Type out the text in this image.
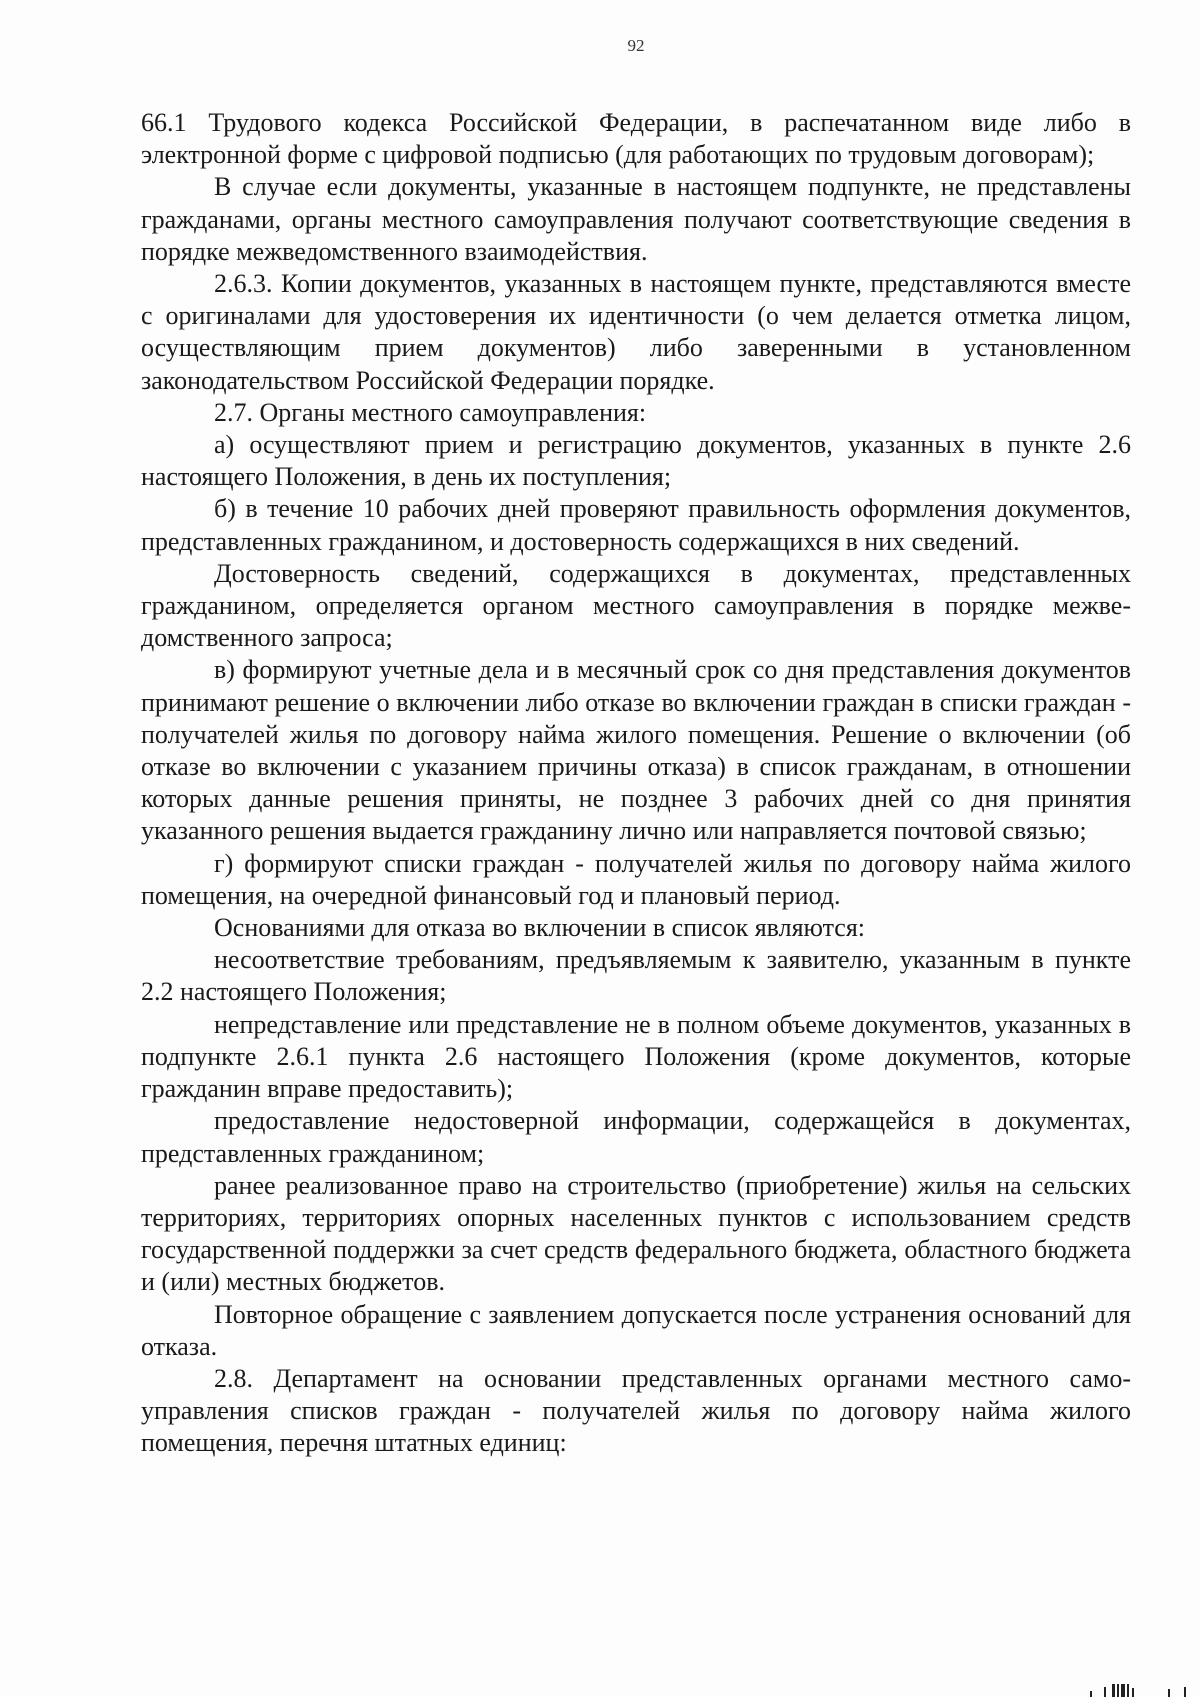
92

66.1 Трудового кодекса Российской Федерации, в распечатанном виде либо в электронной форме с цифровой подписью (для работающих по трудовым договорам);

В случае если документы, указанные в настоящем подпункте, не представлены гражданами, органы местного самоуправления получают соответствующие сведения в порядке межведомственного взаимодействия.

2.6.3. Копии документов, указанных в настоящем пункте, представляются вместе с оригиналами для удостоверения их идентичности (о чем делается отметка лицом, осуществляющим прием документов) либо заверенными в установленном законодательством Российской Федерации порядке.

2.7. Органы местного самоуправления:

а) осуществляют прием и регистрацию документов, указанных в пункте 2.6 настоящего Положения, в день их поступления;

б) в течение 10 рабочих дней проверяют правильность оформления документов, представленных гражданином, и достоверность содержащихся в них сведений.

Достоверность сведений, содержащихся в документах, представленных гражданином, определяется органом местного самоуправления в порядке межведомственного запроса;

в) формируют учетные дела и в месячный срок со дня представления документов принимают решение о включении либо отказе во включении граждан в списки граждан - получателей жилья по договору найма жилого помещения. Решение о включении (об отказе во включении с указанием причины отказа) в список гражданам, в отношении которых данные решения приняты, не позднее 3 рабочих дней со дня принятия указанного решения выдается гражданину лично или направляется почтовой связью;

г) формируют списки граждан - получателей жилья по договору найма жилого помещения, на очередной финансовый год и плановый период.

Основаниями для отказа во включении в список являются:

несоответствие требованиям, предъявляемым к заявителю, указанным в пункте 2.2 настоящего Положения;

непредставление или представление не в полном объеме документов, указанных в подпункте 2.6.1 пункта 2.6 настоящего Положения (кроме документов, которые гражданин вправе предоставить);

предоставление недостоверной информации, содержащейся в документах, представленных гражданином;

ранее реализованное право на строительство (приобретение) жилья на сельских территориях, территориях опорных населенных пунктов с использованием средств государственной поддержки за счет средств федерального бюджета, областного бюджета и (или) местных бюджетов.

Повторное обращение с заявлением допускается после устранения оснований для отказа.

2.8. Департамент на основании представленных органами местного самоуправления списков граждан - получателей жилья по договору найма жилого помещения, перечня штатных единиц:
